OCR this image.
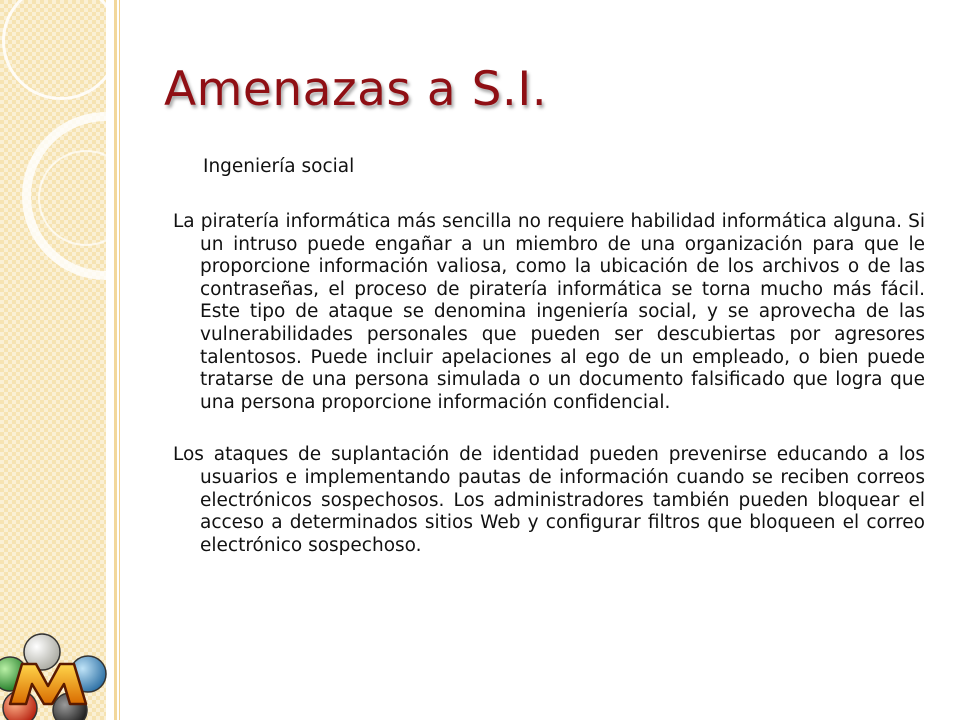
Amenazas a S.I.

Ingeniería social

La piratería informática más sencilla no requiere habilidad informática alguna. Si un intruso puede engañar a un miembro de una organización para que le proporcione información valiosa, como la ubicación de los archivos o de las contraseñas, el proceso de piratería informática se torna mucho más fácil. Este tipo de ataque se denomina ingeniería social, y se aprovecha de las vulnerabilidades personales que pueden ser descubiertas por agresores talentosos. Puede incluir apelaciones al ego de un empleado, o bien puede tratarse de una persona simulada o un documento falsificado que logra que una persona proporcione información confidencial.

Los ataques de suplantación de identidad pueden prevenirse educando a los usuarios e implementando pautas de información cuando se reciben correos electrónicos sospechosos. Los administradores también pueden bloquear el acceso a determinados sitios Web y configurar filtros que bloqueen el correo electrónico sospechoso.
